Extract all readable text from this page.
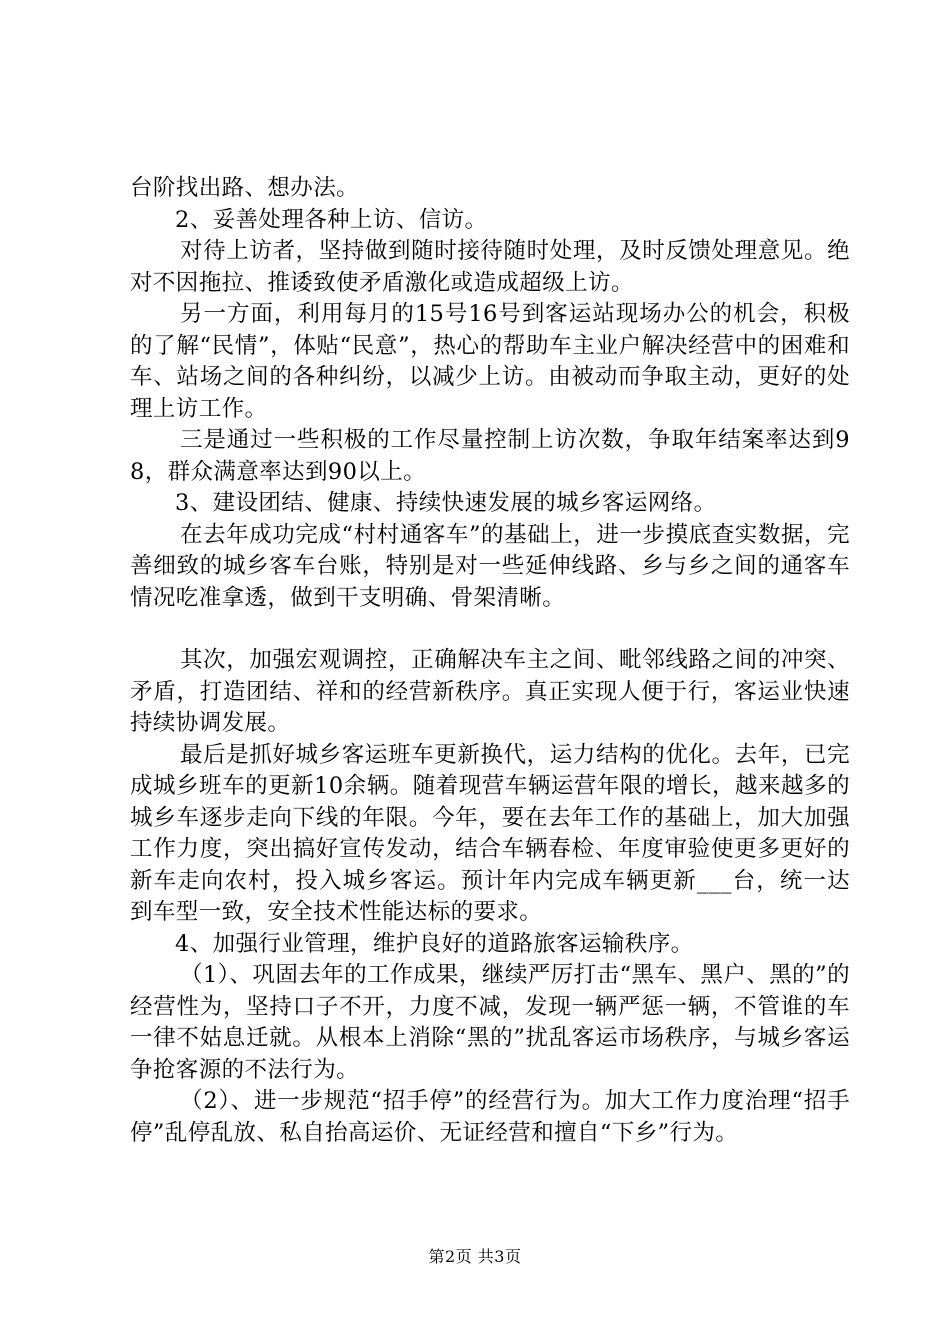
台阶找出路、想办法。

2、妥善处理各种上访、信访。

对待上访者，坚持做到随时接待随时处理，及时反馈处理意见。绝对不因拖拉、推诿致使矛盾激化或造成超级上访。

另一方面，利用每月的15号16号到客运站现场办公的机会，积极的了解“民情”，体贴“民意”，热心的帮助车主业户解决经营中的困难和车、站场之间的各种纠纷，以减少上访。由被动而争取主动，更好的处理上访工作。

三是通过一些积极的工作尽量控制上访次数，争取年结案率达到98，群众满意率达到90以上。

3、建设团结、健康、持续快速发展的城乡客运网络。

在去年成功完成“村村通客车”的基础上，进一步摸底查实数据，完善细致的城乡客车台账，特别是对一些延伸线路、乡与乡之间的通客车情况吃准拿透，做到干支明确、骨架清晰。

其次，加强宏观调控，正确解决车主之间、毗邻线路之间的冲突、矛盾，打造团结、祥和的经营新秩序。真正实现人便于行，客运业快速持续协调发展。

最后是抓好城乡客运班车更新换代，运力结构的优化。去年，已完成城乡班车的更新10余辆。随着现营车辆运营年限的增长，越来越多的城乡车逐步走向下线的年限。今年，要在去年工作的基础上，加大加强工作力度，突出搞好宣传发动，结合车辆春检、年度审验使更多更好的新车走向农村，投入城乡客运。预计年内完成车辆更新___台，统一达到车型一致，安全技术性能达标的要求。

4、加强行业管理，维护良好的道路旅客运输秩序。

（1）、巩固去年的工作成果，继续严厉打击“黑车、黑户、黑的”的经营性为，坚持口子不开，力度不减，发现一辆严惩一辆，不管谁的车一律不姑息迁就。从根本上消除“黑的”扰乱客运市场秩序，与城乡客运争抢客源的不法行为。

（2）、进一步规范“招手停”的经营行为。加大工作力度治理“招手停”乱停乱放、私自抬高运价、无证经营和擅自“下乡”行为。

第2页 共3页
